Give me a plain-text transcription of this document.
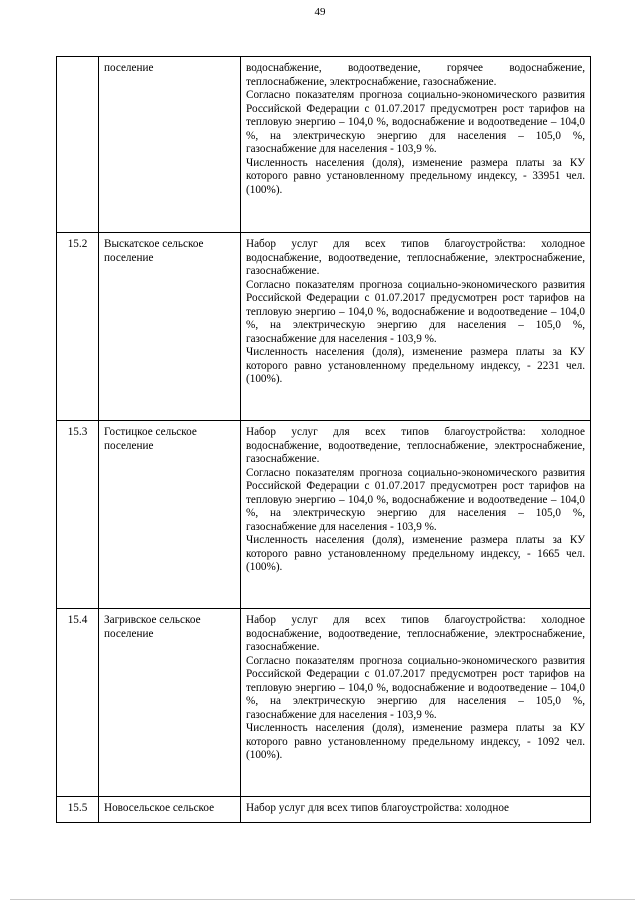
49
	поселение	водоснабжение, водоотведение, горячее водоснабжение, теплоснабжение, электроснабжение, газоснабжение.

Согласно показателям прогноза социально-экономического развития Российской Федерации с 01.07.2017 предусмотрен рост тарифов на тепловую энергию – 104,0 %, водоснабжение и водоотведение – 104,0 %, на электрическую энергию для населения – 105,0 %, газоснабжение для населения - 103,9 %.

Численность населения (доля), изменение размера платы за КУ которого равно установленному предельному индексу, - 33951 чел. (100%).

15.2	Выскатское сельское поселение	Набор услуг для всех типов благоустройства: холодное водоснабжение, водоотведение, теплоснабжение, электроснабжение, газоснабжение.

Согласно показателям прогноза социально-экономического развития Российской Федерации с 01.07.2017 предусмотрен рост тарифов на тепловую энергию – 104,0 %, водоснабжение и водоотведение – 104,0 %, на электрическую энергию для населения – 105,0 %, газоснабжение для населения - 103,9 %.

Численность населения (доля), изменение размера платы за КУ которого равно установленному предельному индексу, - 2231 чел. (100%).

15.3	Гостицкое сельское поселение	Набор услуг для всех типов благоустройства: холодное водоснабжение, водоотведение, теплоснабжение, электроснабжение, газоснабжение.

Согласно показателям прогноза социально-экономического развития Российской Федерации с 01.07.2017 предусмотрен рост тарифов на тепловую энергию – 104,0 %, водоснабжение и водоотведение – 104,0 %, на электрическую энергию для населения – 105,0 %, газоснабжение для населения - 103,9 %.

Численность населения (доля), изменение размера платы за КУ которого равно установленному предельному индексу, - 1665 чел. (100%).

15.4	Загривское сельское поселение	Набор услуг для всех типов благоустройства: холодное водоснабжение, водоотведение, теплоснабжение, электроснабжение, газоснабжение.

Согласно показателям прогноза социально-экономического развития Российской Федерации с 01.07.2017 предусмотрен рост тарифов на тепловую энергию – 104,0 %, водоснабжение и водоотведение – 104,0 %, на электрическую энергию для населения – 105,0 %, газоснабжение для населения - 103,9 %.

Численность населения (доля), изменение размера платы за КУ которого равно установленному предельному индексу, - 1092 чел. (100%).

15.5	Новосельское сельское	Набор услуг для всех типов благоустройства: холодное
